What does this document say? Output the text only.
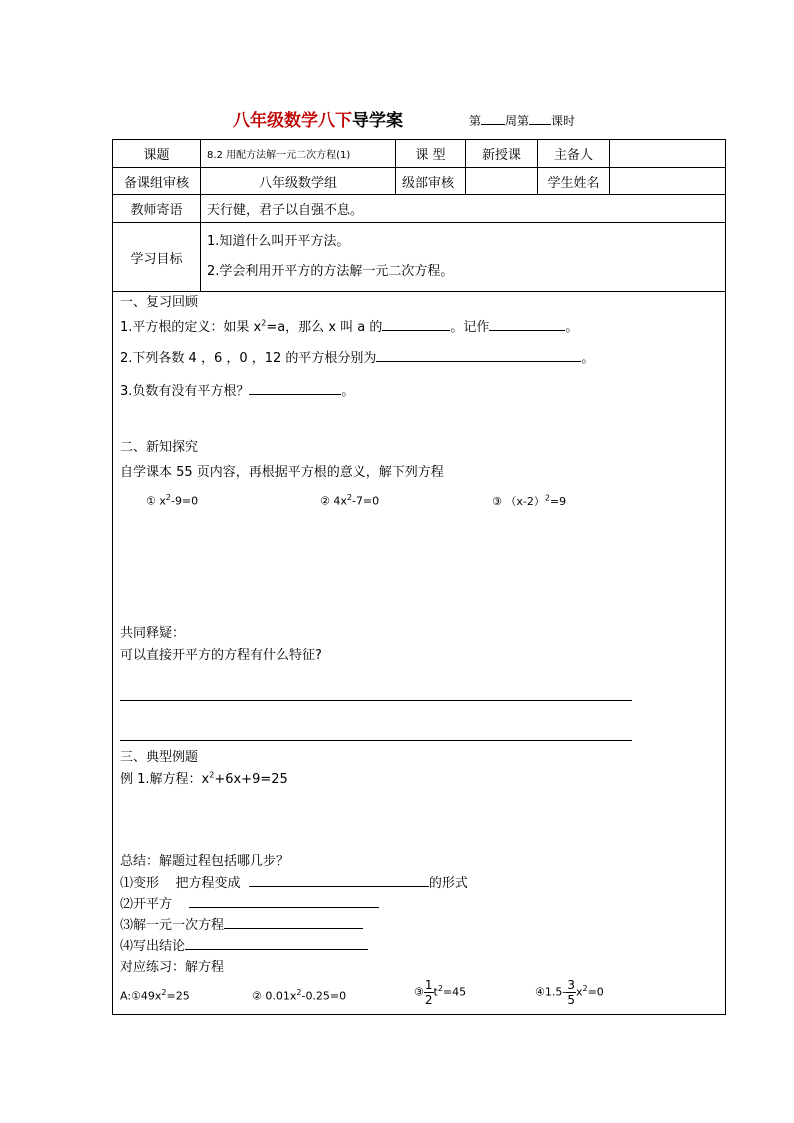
八年级数学八下导学案	第 周第 课时
课题	8.2 用配方法解一元二次方程(1)	课 型	新授课	主备人	
备课组审核	八年级数学组	级部审核		学生姓名	
教师寄语	天行健，君子以自强不息。				
学习目标	1.知道什么叫开平方法。
2.学会利用开平方的方法解一元二次方程。				
一、复习回顾
1.平方根的定义：如果 $x^2=a$，那么 x 叫 a 的	。记作	。
2.下列各数 4 ，6 ，0 ，12 的平方根分别为	。
3.负数有没有平方根？	。
二、新知探究
自学课本 55 页内容，再根据平方根的意义，解下列方程
① $x^2-9=0$	② $4x^2-7=0$	③ $(x-2)^2=9$
共同释疑：
可以直接开平方的方程有什么特征?
三、典型例题
例 1.解方程：$x^2+6x+9=25$
总结：解题过程包括哪几步？
⑴变形 把方程变成	的形式
⑵开平方
⑶解一元一次方程
⑷写出结论
对应练习：解方程
$A:①49x^2=25$	② $0.01x^2-0.25=0$	③ $\frac{1}{2} t^2=45$	④1.5- $\frac{3}{5} x^2=0$
